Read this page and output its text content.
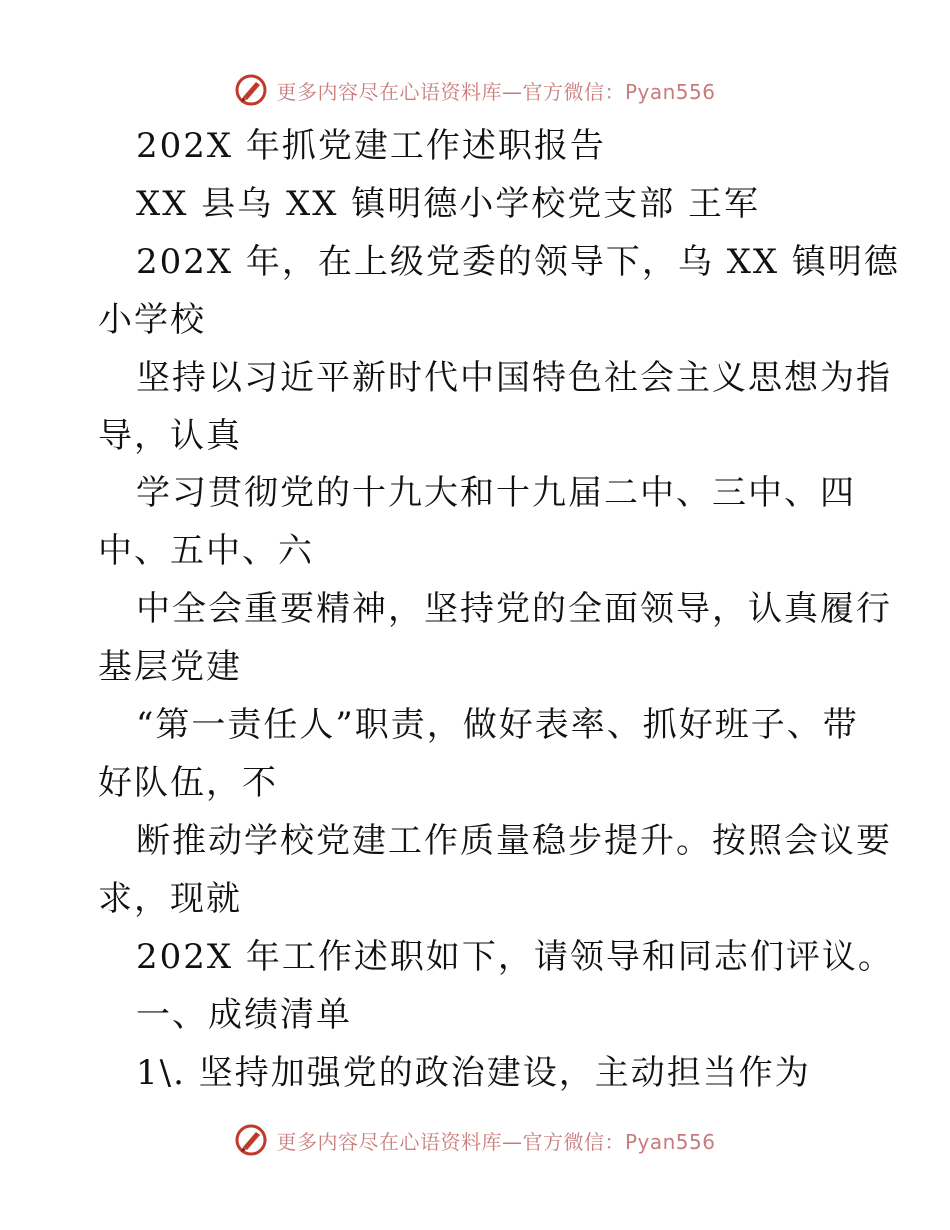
更多内容尽在心语资料库—官方微信：Pyan556

202X 年抓党建工作述职报告

XX 县乌 XX 镇明德小学校党支部 王军

202X 年，在上级党委的领导下，乌 XX 镇明德

小学校

坚持以习近平新时代中国特色社会主义思想为指

导，认真

学习贯彻党的十九大和十九届二中、三中、四

中、五中、六

中全会重要精神，坚持党的全面领导，认真履行

基层党建

“第一责任人”职责，做好表率、抓好班子、带

好队伍，不

断推动学校党建工作质量稳步提升。按照会议要

求，现就

202X 年工作述职如下，请领导和同志们评议。

一、成绩清单

1\. 坚持加强党的政治建设，主动担当作为

更多内容尽在心语资料库—官方微信：Pyan556
